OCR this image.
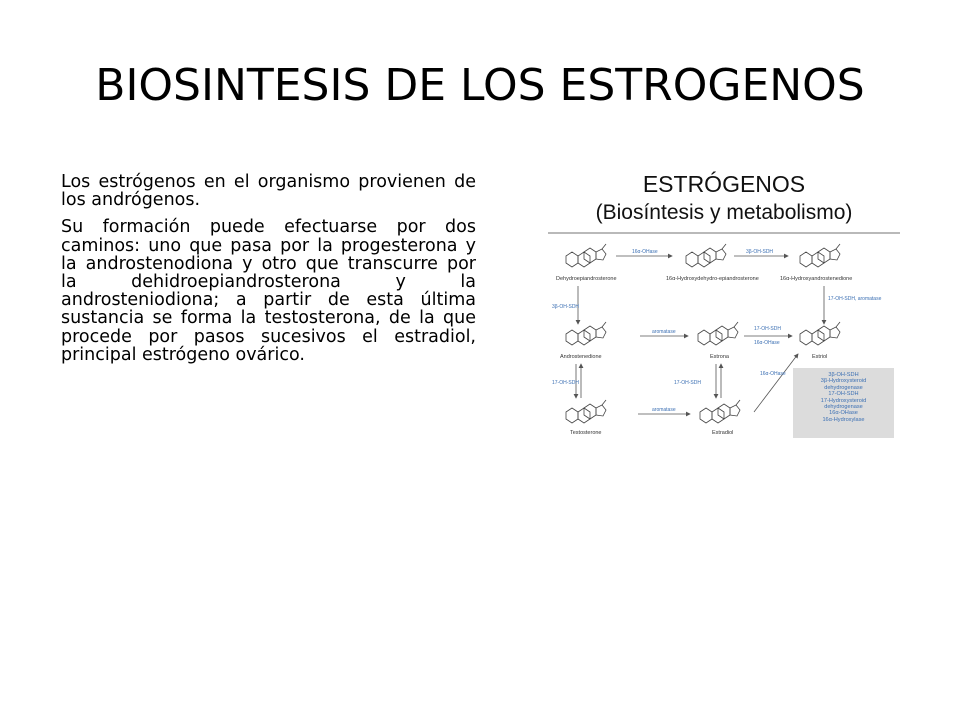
BIOSINTESIS DE LOS ESTROGENOS

Los estrógenos en el organismo provienen de los andrógenos.

Su formación puede efectuarse por dos caminos: uno que pasa por la progesterona y la androstenodiona y otro que transcurre por la dehidroepiandrosterona y la androsteniodiona; a partir de esta última sustancia se forma la testosterona, de la que procede por pasos sucesivos el estradiol, principal estrógeno ovárico.

ESTRÓGENOS
(Biosíntesis y metabolismo)
Dehydroepiandrosterone	16α-Hydroxydehydro-epiandrosterone	16α-Hydroxyandrostenedione
16α-OHase	3β-OH-SDH
3β-OH-SDH
17-OH-SDH, aromatase
Androstenedione	Estrona	Estriol
aromatase	17-OH-SDH
16α-OHase
17-OH-SDH	17-OH-SDH
16α-OHase
Testosterone	Estradiol
aromatase
3β-OH-SDH
3β-Hydroxysteroid
dehydrogenase
17-OH-SDH
17-Hydroxysteroid
dehydrogenase
16α-OHase
16α-Hydroxylase
